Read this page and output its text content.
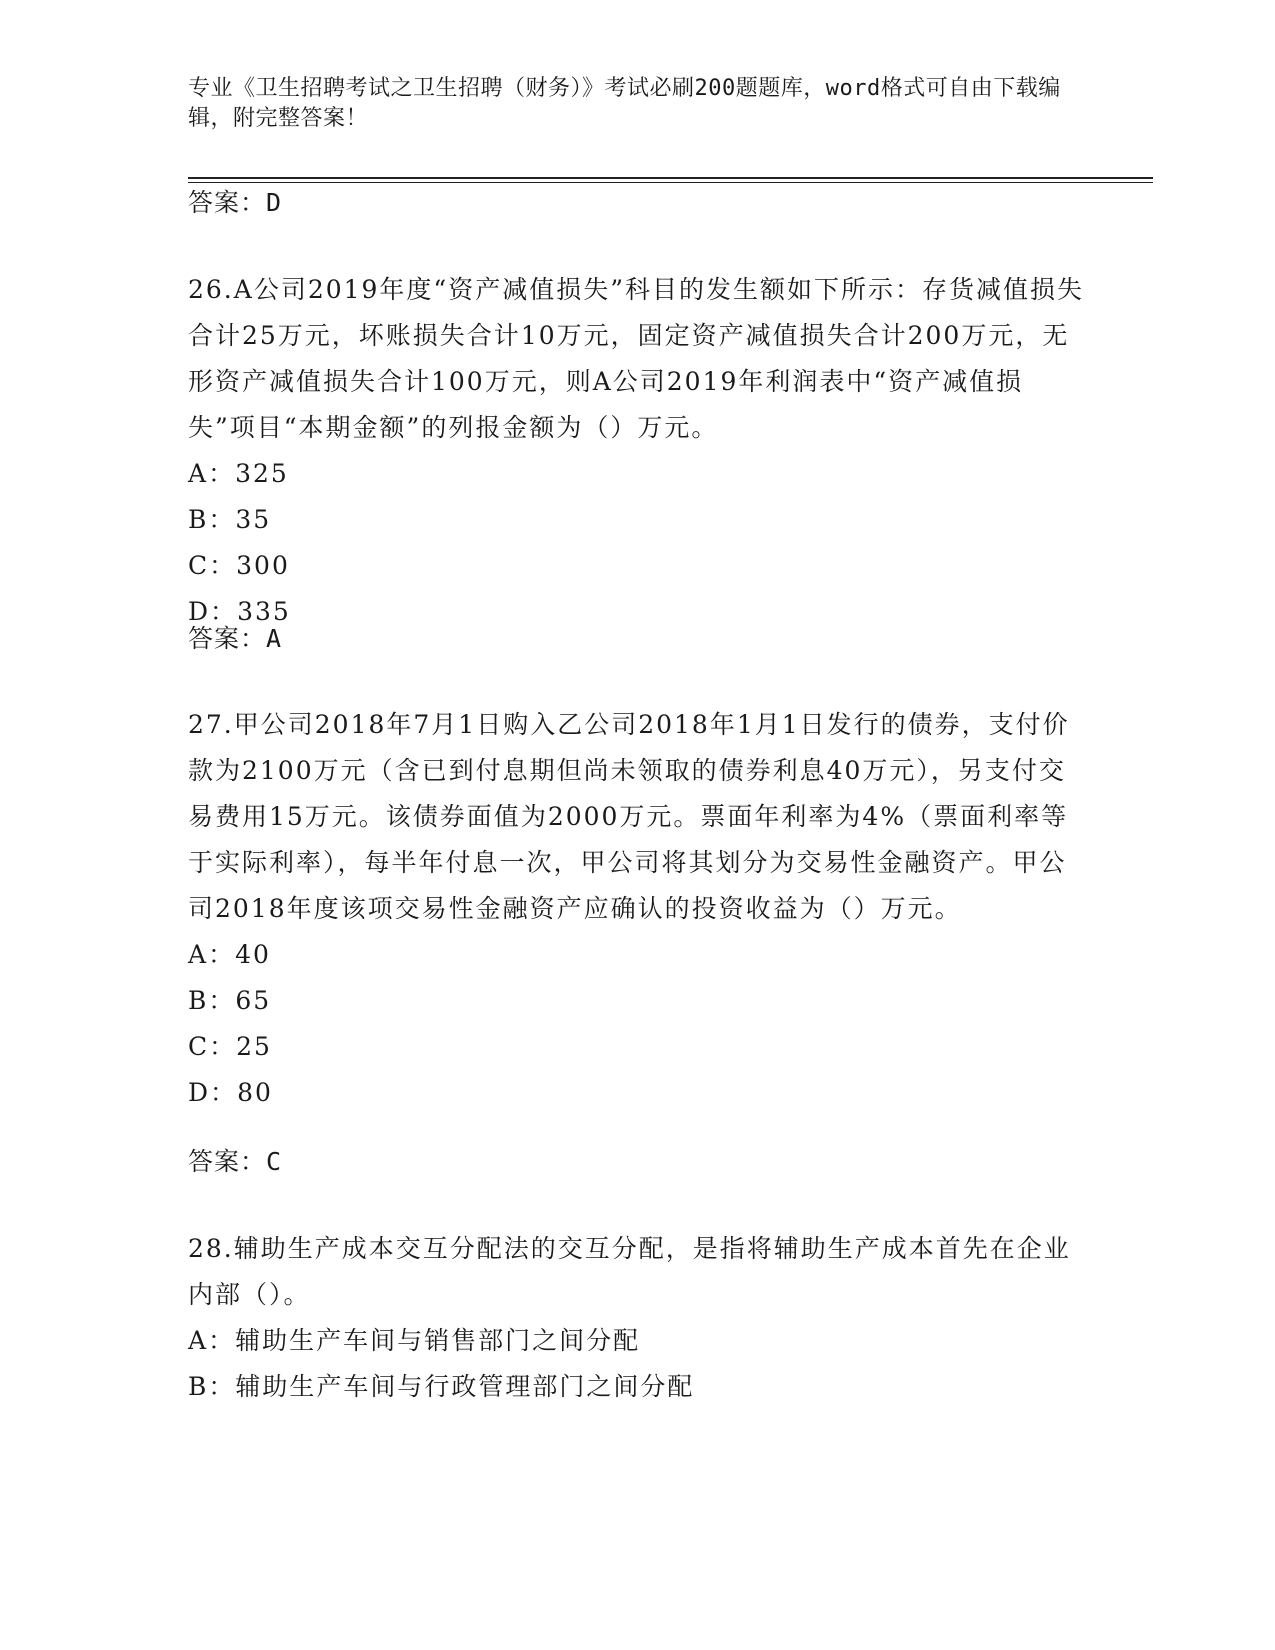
专业《卫生招聘考试之卫生招聘（财务）》考试必刷200题题库，word格式可自由下载编辑，附完整答案！
答案：D

26.A公司2019年度“资产减值损失”科目的发生额如下所示：存货减值损失合计25万元，坏账损失合计10万元，固定资产减值损失合计200万元，无形资产减值损失合计100万元，则A公司2019年利润表中“资产减值损失”项目“本期金额”的列报金额为（）万元。

A：325
B：35
C：300
D：335
答案：A

27.甲公司2018年7月1日购入乙公司2018年1月1日发行的债券，支付价款为2100万元（含已到付息期但尚未领取的债券利息40万元），另支付交易费用15万元。该债券面值为2000万元。票面年利率为4%（票面利率等于实际利率），每半年付息一次，甲公司将其划分为交易性金融资产。甲公司2018年度该项交易性金融资产应确认的投资收益为（）万元。

A：40
B：65
C：25
D：80
答案：C

28.辅助生产成本交互分配法的交互分配，是指将辅助生产成本首先在企业内部（）。

A：辅助生产车间与销售部门之间分配
B：辅助生产车间与行政管理部门之间分配
